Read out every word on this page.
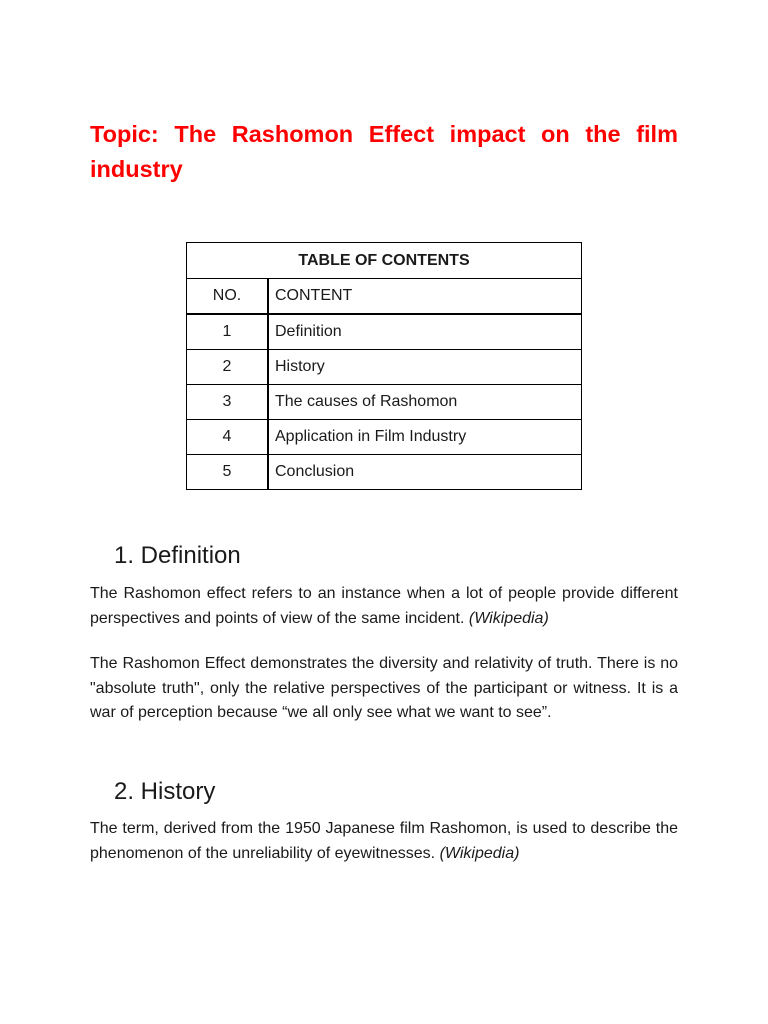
Topic: The Rashomon Effect impact on the film industry
TABLE OF CONTENTS	
NO.	CONTENT
1	Definition
2	History
3	The causes of Rashomon
4	Application in Film Industry
5	Conclusion
1. Definition

The Rashomon effect refers to an instance when a lot of people provide different perspectives and points of view of the same incident. (Wikipedia)

The Rashomon Effect demonstrates the diversity and relativity of truth. There is no "absolute truth", only the relative perspectives of the participant or witness. It is a war of perception because “we all only see what we want to see”.

2. History

The term, derived from the 1950 Japanese film Rashomon, is used to describe the phenomenon of the unreliability of eyewitnesses. (Wikipedia)
